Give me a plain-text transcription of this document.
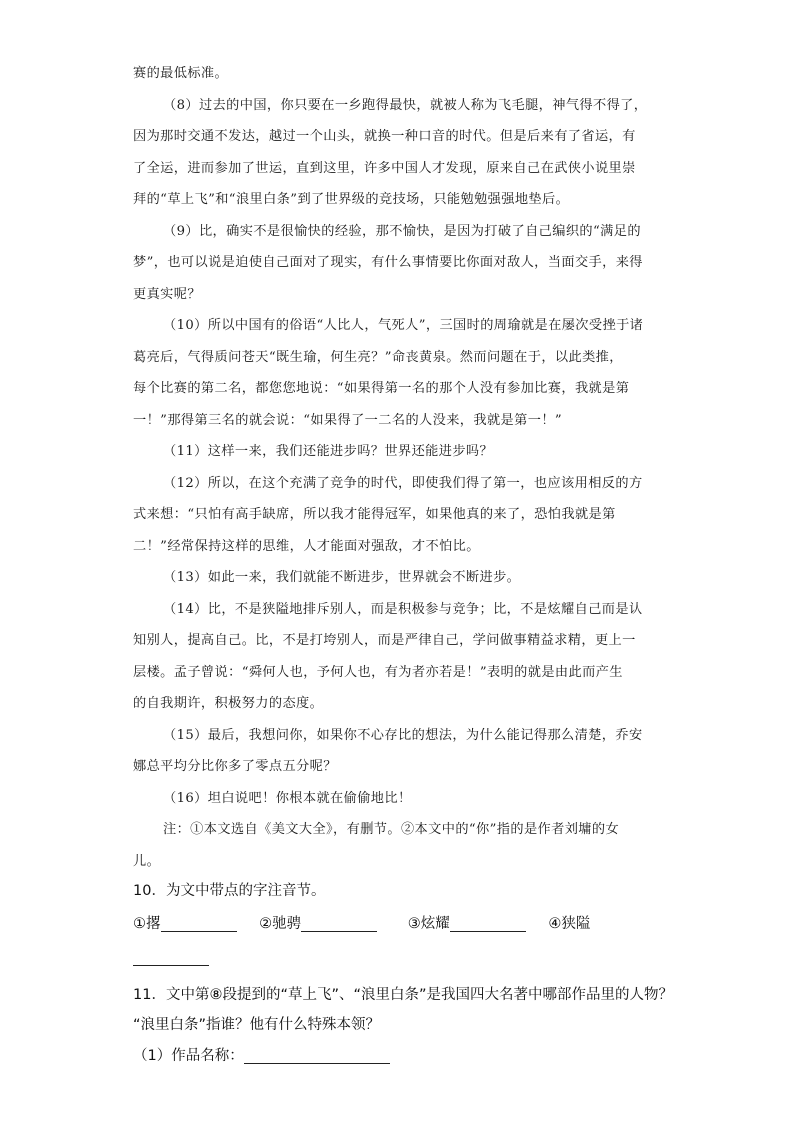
赛的最低标准。
（8）过去的中国，你只要在一乡跑得最快，就被人称为飞毛腿，神气得不得了，
因为那时交通不发达，越过一个山头，就换一种口音的时代。但是后来有了省运，有
了全运，进而参加了世运，直到这里，许多中国人才发现，原来自己在武侠小说里崇
拜的“草上飞”和“浪里白条”到了世界级的竞技场，只能勉勉强强地垫后。
（9）比，确实不是很愉快的经验，那不愉快，是因为打破了自己编织的“满足的
梦”，也可以说是迫使自己面对了现实，有什么事情要比你面对敌人，当面交手，来得
更真实呢？
（10）所以中国有的俗语“人比人，气死人”，三国时的周瑜就是在屡次受挫于诸
葛亮后，气得质问苍天“既生瑜，何生亮？”命丧黄泉。然而问题在于，以此类推，
每个比赛的第二名，都您您地说：“如果得第一名的那个人没有参加比赛，我就是第
一！”那得第三名的就会说：“如果得了一二名的人没来，我就是第一！”
（11）这样一来，我们还能进步吗？世界还能进步吗？
（12）所以，在这个充满了竞争的时代，即使我们得了第一，也应该用相反的方
式来想：“只怕有高手缺席，所以我才能得冠军，如果他真的来了，恐怕我就是第
二！”经常保持这样的思维，人才能面对强敌，才不怕比。
（13）如此一来，我们就能不断进步，世界就会不断进步。
（14）比，不是狭隘地排斥别人，而是积极参与竞争；比，不是炫耀自己而是认
知别人，提高自己。比，不是打垮别人，而是严律自己，学问做事精益求精，更上一
层楼。孟子曾说：“舜何人也，予何人也，有为者亦若是！”表明的就是由此而产生
的自我期许，积极努力的态度。
（15）最后，我想问你，如果你不心存比的想法，为什么能记得那么清楚，乔安
娜总平均分比你多了零点五分呢？
（16）坦白说吧！你根本就在偷偷地比！
注：①本文选自《美文大全》，有删节。②本文中的“你”指的是作者刘墉的女
儿。
10．为文中带点的字注音节。
①撂	②驰骋	③炫耀	④狭隘
11．文中第⑧段提到的“草上飞”、“浪里白条”是我国四大名著中哪部作品里的人物？
“浪里白条”指谁？他有什么特殊本领？
（1）作品名称：
